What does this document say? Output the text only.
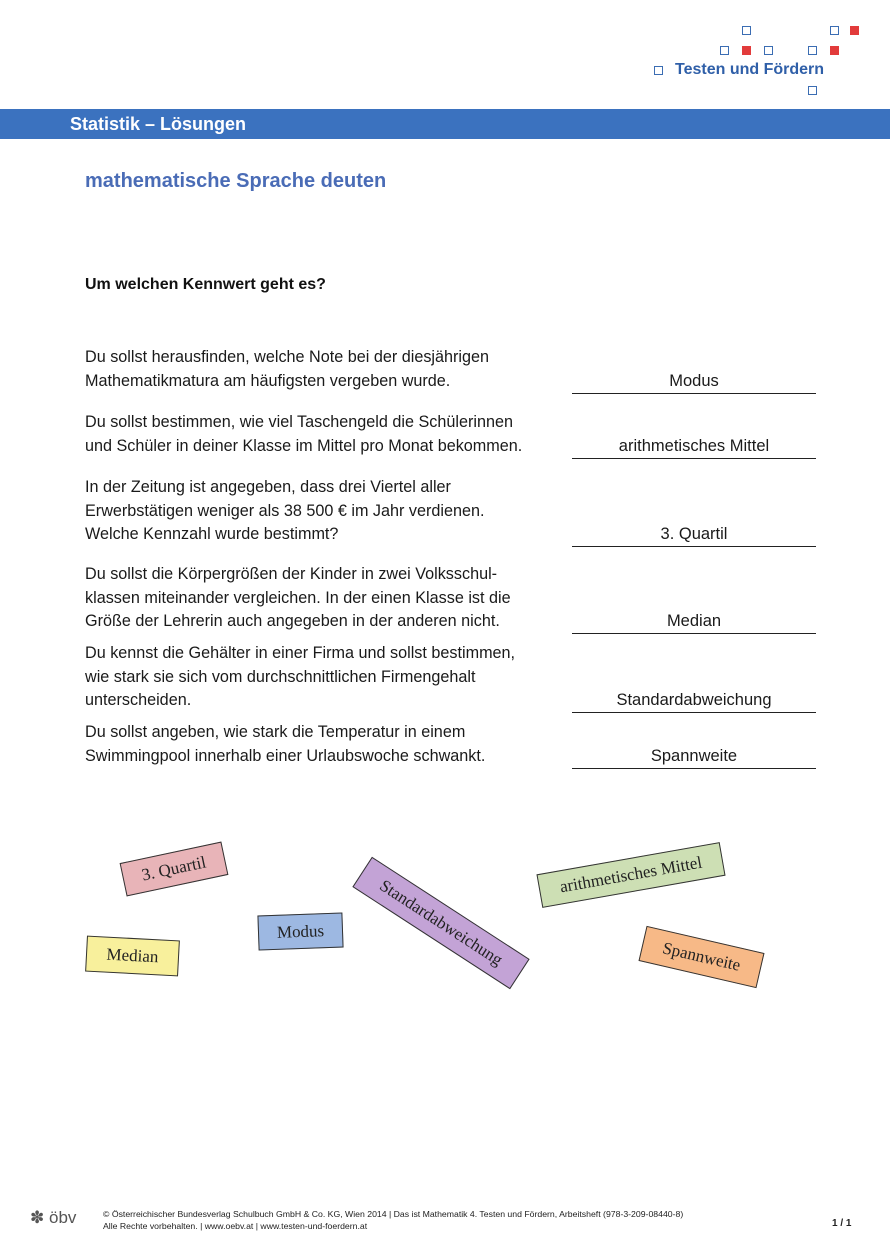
Testen und Fördern
Statistik – Lösungen
mathematische Sprache deuten
Um welchen Kennwert geht es?
Du sollst herausfinden, welche Note bei der diesjährigen
Mathematikmatura am häufigsten vergeben wurde.	Modus
Du sollst bestimmen, wie viel Taschengeld die Schülerinnen
und Schüler in deiner Klasse im Mittel pro Monat bekommen.	arithmetisches Mittel
In der Zeitung ist angegeben, dass drei Viertel aller
Erwerbstätigen weniger als 38 500 € im Jahr verdienen.
Welche Kennzahl wurde bestimmt?	3. Quartil
Du sollst die Körpergrößen der Kinder in zwei Volksschul-
klassen miteinander vergleichen. In der einen Klasse ist die
Größe der Lehrerin auch angegeben in der anderen nicht.	Median
Du kennst die Gehälter in einer Firma und sollst bestimmen,
wie stark sie sich vom durchschnittlichen Firmengehalt
unterscheiden.	Standardabweichung
Du sollst angeben, wie stark die Temperatur in einem
Swimmingpool innerhalb einer Urlaubswoche schwankt.	Spannweite
3. Quartil
Standardabweichung
arithmetisches Mittel
Modus
Median	Spannweite
✽ öbv	© Österreichischer Bundesverlag Schulbuch GmbH & Co. KG, Wien 2014 | Das ist Mathematik 4. Testen und Fördern, Arbeitsheft (978-3-209-08440-8)
Alle Rechte vorbehalten. | www.oebv.at | www.testen-und-foerdern.at	1 / 1
